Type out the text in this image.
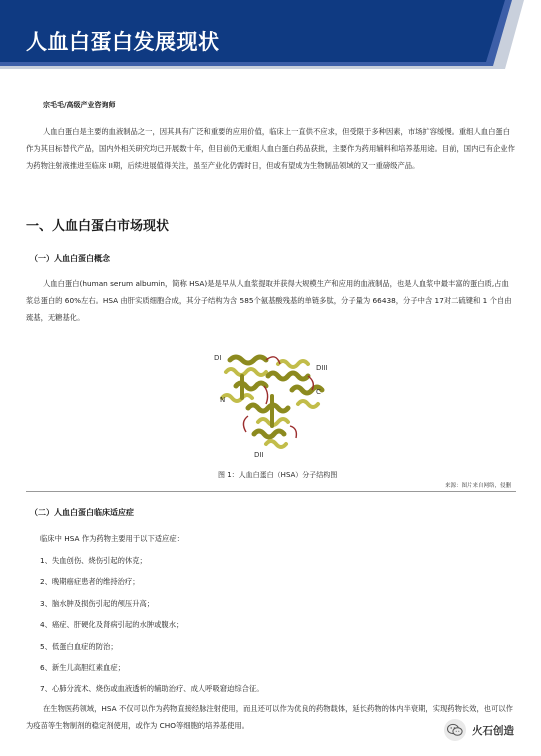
人血白蛋白发展现状
宗毛毛/高级产业咨询师

人血白蛋白是主要的血液制品之一，因其具有广泛和重要的应用价值，临床上一直供不应求，但受限于多种因素，市场扩容缓慢。重组人血白蛋白作为其目标替代产品，国内外相关研究均已开展数十年，但目前仍无重组人血白蛋白药品获批，主要作为药用辅料和培养基用途。目前，国内已有企业作为药物注射液推进至临床 II期，后续进展值得关注，虽至产业化仍需时日，但或有望成为生物制品领域的又一重磅级产品。

一、人血白蛋白市场现状
（一）人血白蛋白概念

人血白蛋白(human serum albumin，简称 HSA)是是早从人血浆提取并获得大规模生产和应用的血液制品，也是人血浆中最丰富的蛋白质,占血浆总蛋白的 60%左右。HSA 由肝实质细胞合成，其分子结构为含 585个氨基酸残基的单链多肽，分子量为 66438，分子中含 17对二硫键和 1 个自由巯基，无糖基化。

DI
DIII
N
C
DII
图 1：人血白蛋白（HSA）分子结构图
来源：图片来自网络，侵删
（二）人血白蛋白临床适应症
临床中 HSA 作为药物主要用于以下适应症：
1、失血创伤、烧伤引起的休克；
2、晚期癌症患者的维持治疗；
3、脑水肿及损伤引起的颅压升高；
4、癌症、肝硬化及肾病引起的水肿或腹水；
5、低蛋白血症的防治；
6、新生儿高胆红素血症；
7、心肺分流术、烧伤或血液透析的辅助治疗、成人呼吸窘迫综合征。

在生物医药领域，HSA 不仅可以作为药物直接经脉注射使用，而且还可以作为优良的药物载体，延长药物的体内半衰期，实现药物长效，也可以作为疫苗等生物制剂的稳定剂使用，或作为 CHO等细胞的培养基使用。	火石创造
